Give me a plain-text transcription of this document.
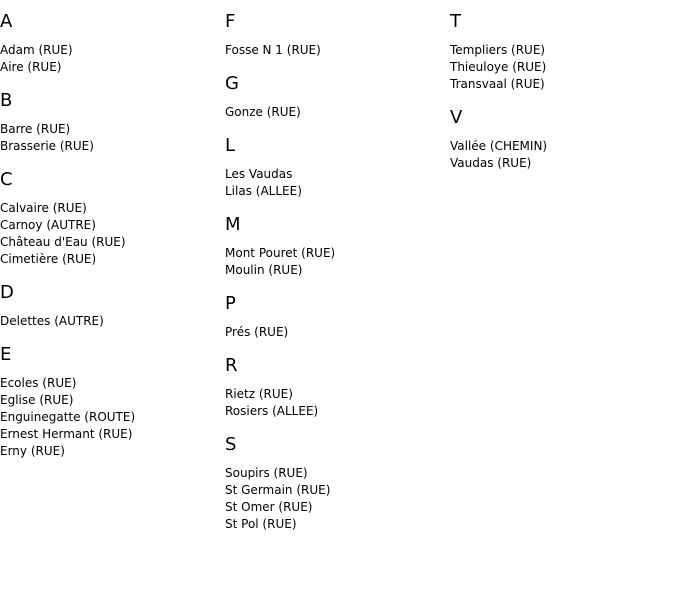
A
Adam (RUE)
Aire (RUE)
B
Barre (RUE)
Brasserie (RUE)
C
Calvaire (RUE)
Carnoy (AUTRE)
Château d'Eau (RUE)
Cimetière (RUE)
D
Delettes (AUTRE)
E
Ecoles (RUE)
Eglise (RUE)
Enguinegatte (ROUTE)
Ernest Hermant (RUE)
Erny (RUE)
F
Fosse N 1 (RUE)
G
Gonze (RUE)
L
Les Vaudas
Lilas (ALLEE)
M
Mont Pouret (RUE)
Moulin (RUE)
P
Prés (RUE)
R
Rietz (RUE)
Rosiers (ALLEE)
S
Soupirs (RUE)
St Germain (RUE)
St Omer (RUE)
St Pol (RUE)
T
Templiers (RUE)
Thieuloye (RUE)
Transvaal (RUE)
V
Vallée (CHEMIN)
Vaudas (RUE)
